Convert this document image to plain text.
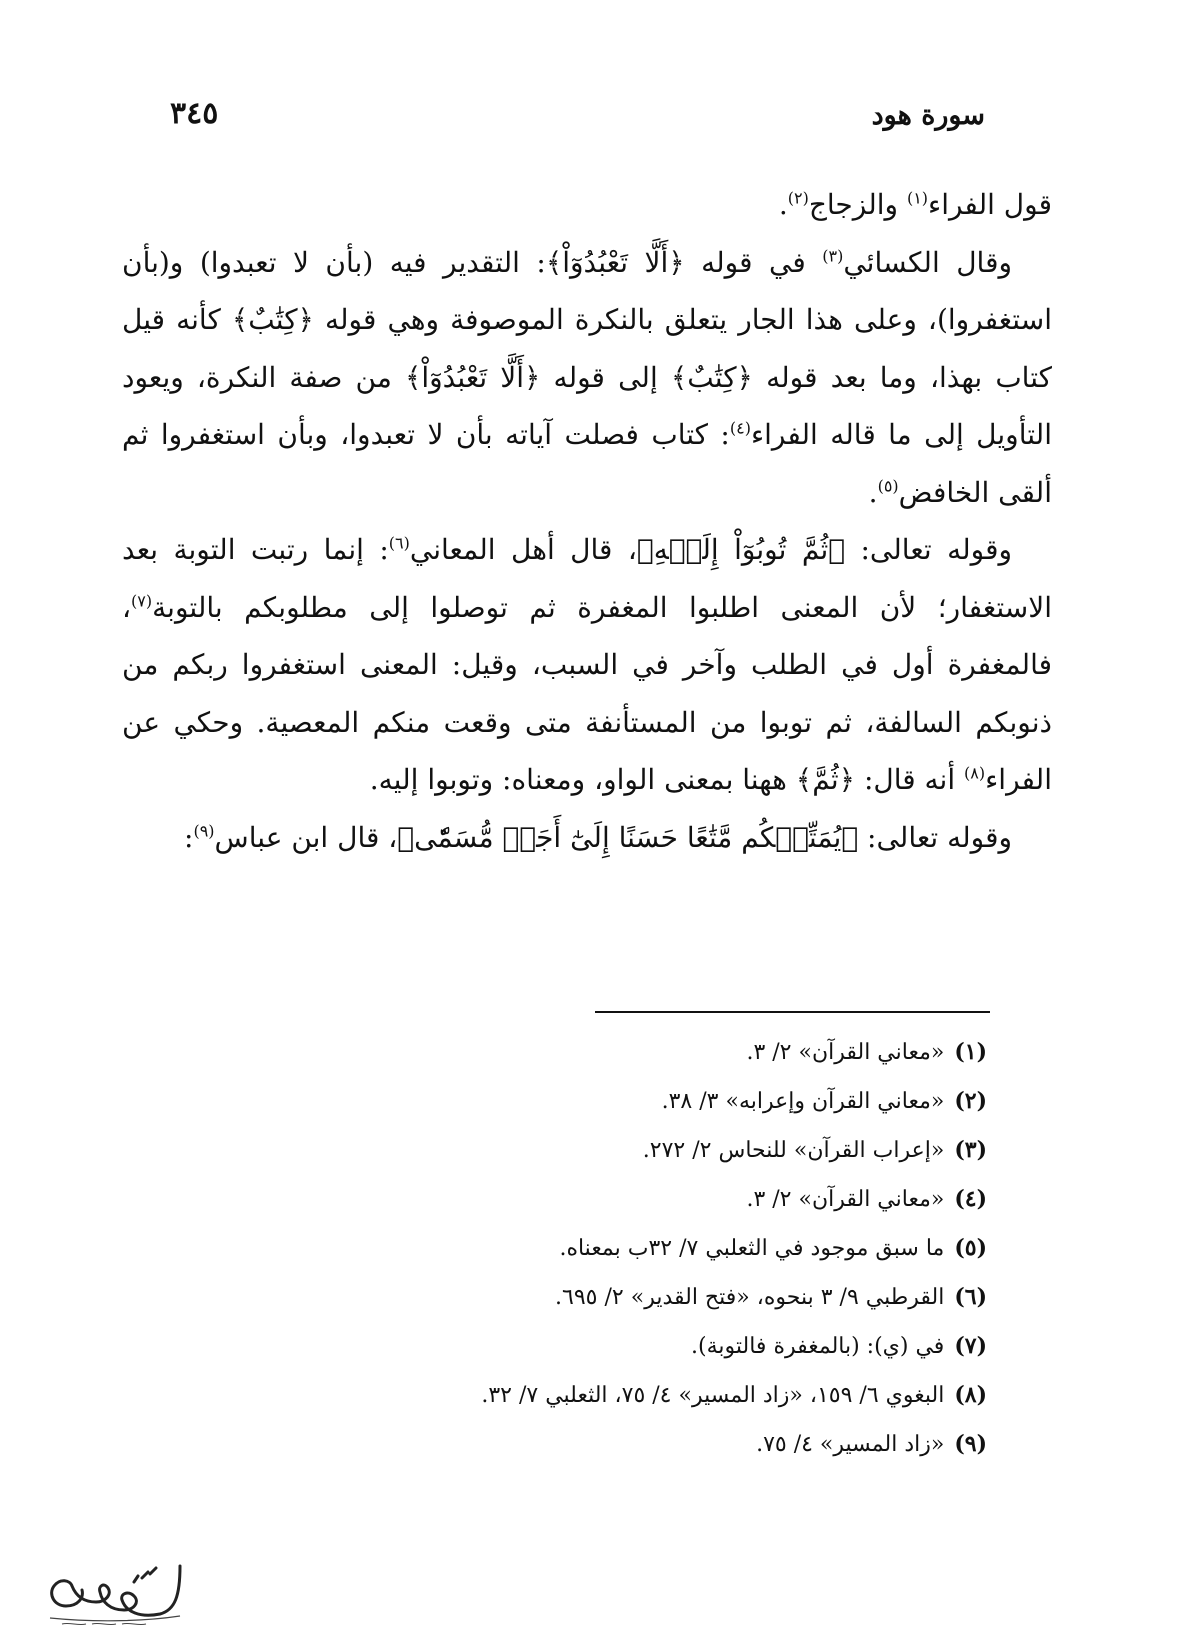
سورة هود
٣٤٥

قول الفراء$^{(١)}$ والزجاج$^{(٢)}$.

وقال الكسائي$^{(٣)}$ في قوله ﴿أَلَّا تَعْبُدُوٓاْ﴾: التقدير فيه (بأن لا تعبدوا) و(بأن استغفروا)، وعلى هذا الجار يتعلق بالنكرة الموصوفة وهي قوله ﴿كِتَٰبٌ﴾ كأنه قيل كتاب بهذا، وما بعد قوله ﴿كِتَٰبٌ﴾ إلى قوله ﴿أَلَّا تَعْبُدُوٓاْ﴾ من صفة النكرة، ويعود التأويل إلى ما قاله الفراء$^{(٤)}$: كتاب فصلت آياته بأن لا تعبدوا، وبأن استغفروا ثم ألقى الخافض$^{(٥)}$.

وقوله تعالى: ﴿ثُمَّ تُوبُوٓاْ إِلَيۡهِ﴾، قال أهل المعاني$^{(٦)}$: إنما رتبت التوبة بعد الاستغفار؛ لأن المعنى اطلبوا المغفرة ثم توصلوا إلى مطلوبكم بالتوبة$^{(٧)}$، فالمغفرة أول في الطلب وآخر في السبب، وقيل: المعنى استغفروا ربكم من ذنوبكم السالفة، ثم توبوا من المستأنفة متى وقعت منكم المعصية. وحكي عن الفراء$^{(٨)}$ أنه قال: ﴿ثُمَّ﴾ ههنا بمعنى الواو، ومعناه: وتوبوا إليه.

وقوله تعالى: ﴿يُمَتِّعۡكُم مَّتَٰعًا حَسَنًا إِلَىٰٓ أَجَلٖ مُّسَمّٗى﴾، قال ابن عباس$^{(٩)}$:

(١)«معاني القرآن» ٢/ ٣.
(٢)«معاني القرآن وإعرابه» ٣/ ٣٨.
(٣)«إعراب القرآن» للنحاس ٢/ ٢٧٢.
(٤)«معاني القرآن» ٢/ ٣.
(٥)ما سبق موجود في الثعلبي ٧/ ٣٢ب بمعناه.
(٦)القرطبي ٩/ ٣ بنحوه، «فتح القدير» ٢/ ٦٩٥.
(٧)في (ي): (بالمغفرة فالتوبة).
(٨)البغوي ٦/ ١٥٩، «زاد المسير» ٤/ ٧٥، الثعلبي ٧/ ٣٢.
(٩)«زاد المسير» ٤/ ٧٥.
